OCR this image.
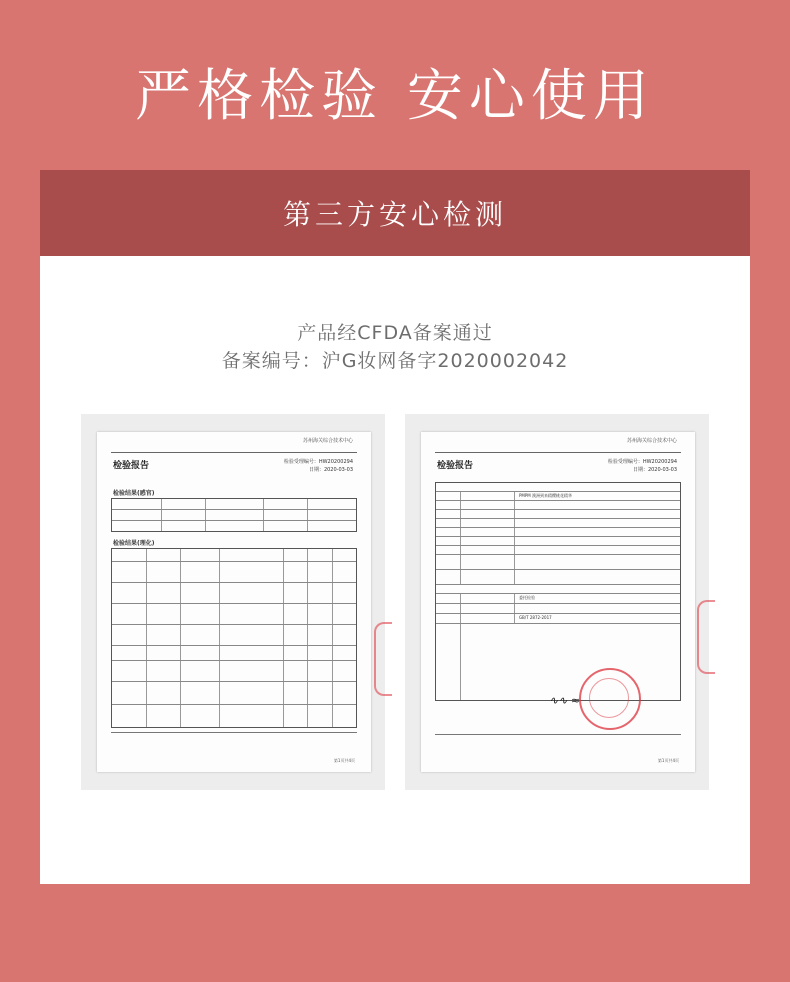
严格检验 安心使用
第三方安心检测
产品经CFDA备案通过
备案编号：沪G妆网备字2020002042
苏州海关综合技术中心
检验报告	检验受理编号：HW20200294
日期：2020-03-03
检验结果(感官)
检验结果(理化)
第1页共4页
苏州海关综合技术中心
检验报告	检验受理编号：HW20200294
日期：2020-03-03
PMPM 澳洲到来精樱桃花精华
委托检验
GB/T 2872-2017
∿∿ ≈
第1页共4页
